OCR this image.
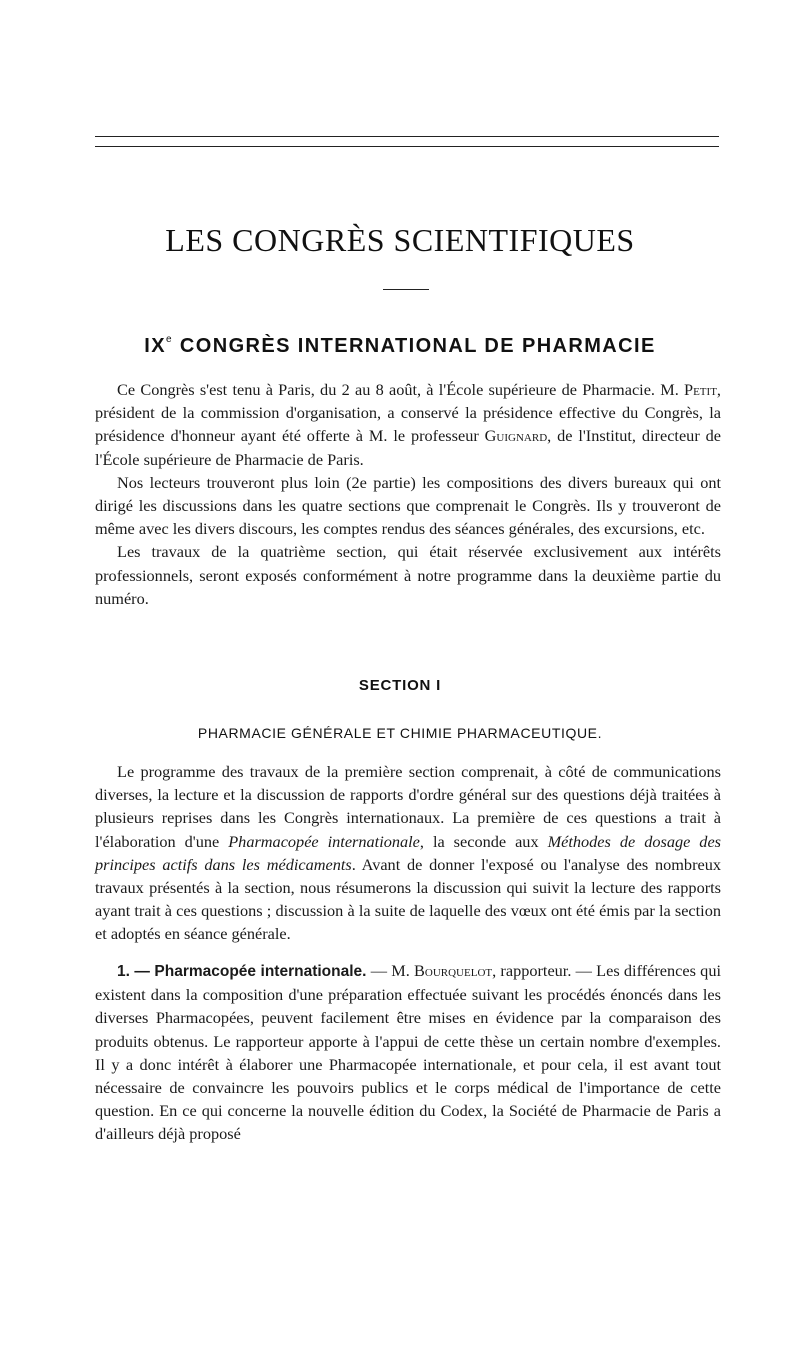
LES CONGRÈS SCIENTIFIQUES
IXe CONGRÈS INTERNATIONAL DE PHARMACIE

Ce Congrès s'est tenu à Paris, du 2 au 8 août, à l'École supérieure de Pharmacie. M. Petit, président de la commission d'organisation, a conservé la présidence effective du Congrès, la présidence d'honneur ayant été offerte à M. le professeur Guignard, de l'Institut, directeur de l'École supérieure de Pharmacie de Paris.

Nos lecteurs trouveront plus loin (2e partie) les compositions des divers bureaux qui ont dirigé les discussions dans les quatre sections que comprenait le Congrès. Ils y trouveront de même avec les divers discours, les comptes rendus des séances générales, des excursions, etc.

Les travaux de la quatrième section, qui était réservée exclusivement aux intérêts professionnels, seront exposés conformément à notre programme dans la deuxième partie du numéro.

SECTION I
PHARMACIE GÉNÉRALE ET CHIMIE PHARMACEUTIQUE.

Le programme des travaux de la première section comprenait, à côté de communications diverses, la lecture et la discussion de rapports d'ordre général sur des questions déjà traitées à plusieurs reprises dans les Congrès internationaux. La première de ces questions a trait à l'élaboration d'une Pharmacopée internationale, la seconde aux Méthodes de dosage des principes actifs dans les médicaments. Avant de donner l'exposé ou l'analyse des nombreux travaux présentés à la section, nous résumerons la discussion qui suivit la lecture des rapports ayant trait à ces questions ; discussion à la suite de laquelle des vœux ont été émis par la section et adoptés en séance générale.

1. — Pharmacopée internationale. — M. Bourquelot, rapporteur. — Les différences qui existent dans la composition d'une préparation effectuée suivant les procédés énoncés dans les diverses Pharmacopées, peuvent facilement être mises en évidence par la comparaison des produits obtenus. Le rapporteur apporte à l'appui de cette thèse un certain nombre d'exemples. Il y a donc intérêt à élaborer une Pharmacopée internationale, et pour cela, il est avant tout nécessaire de convaincre les pouvoirs publics et le corps médical de l'importance de cette question. En ce qui concerne la nouvelle édition du Codex, la Société de Pharmacie de Paris a d'ailleurs déjà proposé
